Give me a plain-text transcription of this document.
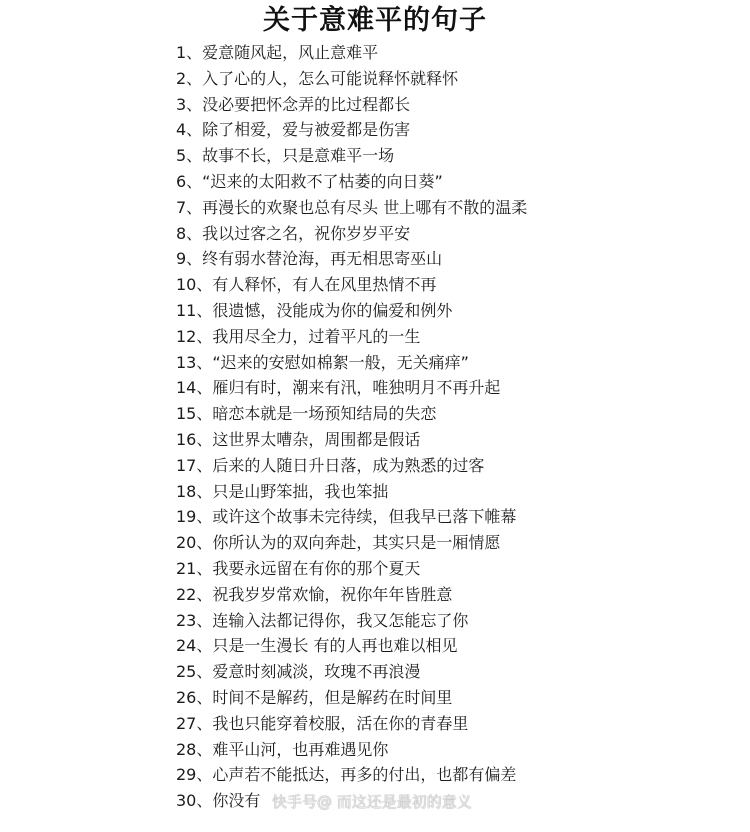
关于意难平的句子
1、爱意随风起，风止意难平
2、入了心的人，怎么可能说释怀就释怀
3、没必要把怀念弄的比过程都长
4、除了相爱，爱与被爱都是伤害
5、故事不长，只是意难平一场
6、“迟来的太阳救不了枯萎的向日葵”
7、再漫长的欢聚也总有尽头 世上哪有不散的温柔
8、我以过客之名，祝你岁岁平安
9、终有弱水替沧海，再无相思寄巫山
10、有人释怀，有人在风里热情不再
11、很遗憾，没能成为你的偏爱和例外
12、我用尽全力，过着平凡的一生
13、“迟来的安慰如棉絮一般，无关痛痒”
14、雁归有时，潮来有汛，唯独明月不再升起
15、暗恋本就是一场预知结局的失恋
16、这世界太嘈杂，周围都是假话
17、后来的人随日升日落，成为熟悉的过客
18、只是山野笨拙，我也笨拙
19、或许这个故事未完待续，但我早已落下帷幕
20、你所认为的双向奔赴，其实只是一厢情愿
21、我要永远留在有你的那个夏天
22、祝我岁岁常欢愉，祝你年年皆胜意
23、连输入法都记得你，我又怎能忘了你
24、只是一生漫长 有的人再也难以相见
25、爱意时刻减淡，玫瑰不再浪漫
26、时间不是解药，但是解药在时间里
27、我也只能穿着校服，活在你的青春里
28、难平山河，也再难遇见你
29、心声若不能抵达，再多的付出，也都有偏差
30、你没有 快手号@ 而这还是最初的意义
